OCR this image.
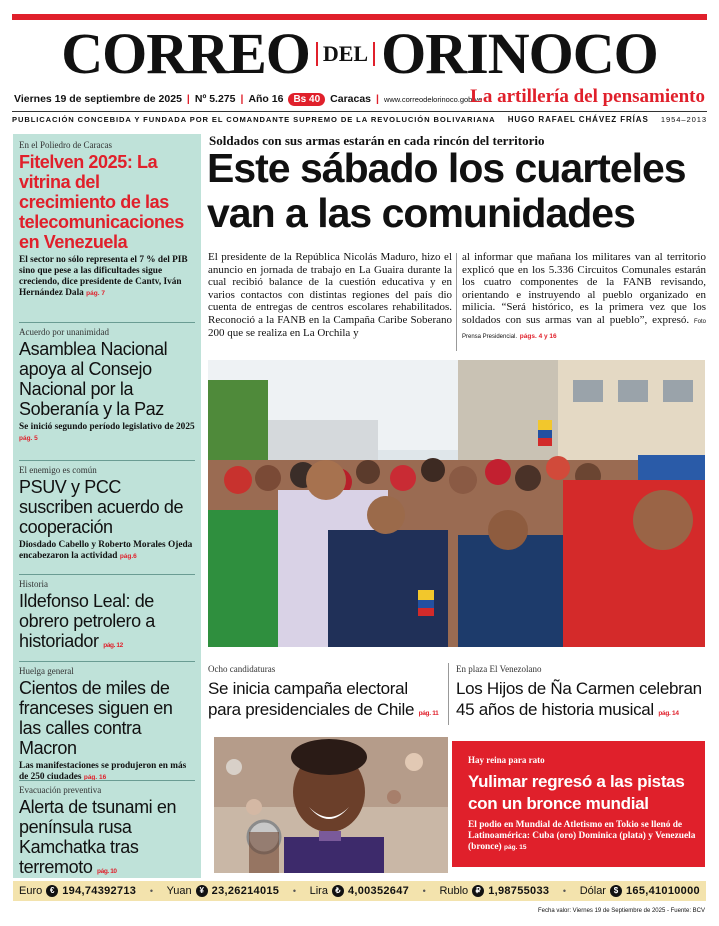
CORREO DEL ORINOCO
Viernes 19 de septiembre de 2025 | Nº 5.275 | Año 16	Bs 40 Caracas | www.correodelorinoco.gob.ve
La artillería del pensamiento
PUBLICACIÓN CONCEBIDA Y FUNDADA POR EL COMANDANTE SUPREMO DE LA REVOLUCIÓN BOLIVARIANA HUGO RAFAEL CHÁVEZ FRÍAS 1954–2013
En el Poliedro de Caracas
Fitelven 2025: La vitrina del crecimiento de las telecomunicaciones en Venezuela

El sector no sólo representa el 7 % del PIB sino que pese a las dificultades sigue creciendo, dice presidente de Cantv, Iván Hernández Dala pág. 7

Acuerdo por unanimidad
Asamblea Nacional apoya al Consejo Nacional por la Soberanía y la Paz

Se inició segundo período legislativo de 2025 pág. 5

El enemigo es común
PSUV y PCC suscriben acuerdo de cooperación

Diosdado Cabello y Roberto Morales Ojeda encabezaron la actividad pág.6

Historia
Ildefonso Leal: de obrero petrolero a historiador pág. 12
Huelga general
Cientos de miles de franceses siguen en las calles contra Macron

Las manifestaciones se produjeron en más de 250 ciudades pág. 16

Evacuación preventiva
Alerta de tsunami en península rusa Kamchatka tras terremoto pág. 10
Soldados con sus armas estarán en cada rincón del territorio
Este sábado los cuarteles van a las comunidades

El presidente de la República Nicolás Maduro, hizo el anuncio en jornada de trabajo en La Guaira durante la cual recibió balance de la cuestión educativa y en varios contactos con distintas regiones del país dio cuenta de entregas de centros escolares rehabilitados. Reconoció a la FANB en la Campaña Caribe Soberano 200 que se realiza en La Orchila y

al informar que mañana los militares van al territorio explicó que en los 5.336 Circuitos Comunales estarán los cuatro componentes de la FANB revisando, orientando e instruyendo al pueblo organizado en milicia. “Será histórico, es la primera vez que los soldados con sus armas van al pueblo”, expresó. Foto Prensa Presidencial. págs. 4 y 16

Ocho candidaturas
Se inicia campaña electoral para presidenciales de Chile pág. 11
En plaza El Venezolano
Los Hijos de Ña Carmen celebran 45 años de historia musical pág. 14
Hay reina para rato
Yulimar regresó a las pistas con un bronce mundial

El podio en Mundial de Atletismo en Tokio se llenó de Latinoamérica: Cuba (oro) Dominica (plata) y Venezuela (bronce) pág. 15

Euro € 194,74392713 • Yuan ¥ 23,26214015 • Lira ₺ 4,00352647 • Rublo ₽ 1,98755033 • Dólar $ 165,41010000
Fecha valor: Viernes 19 de Septiembre de 2025 - Fuente: BCV
